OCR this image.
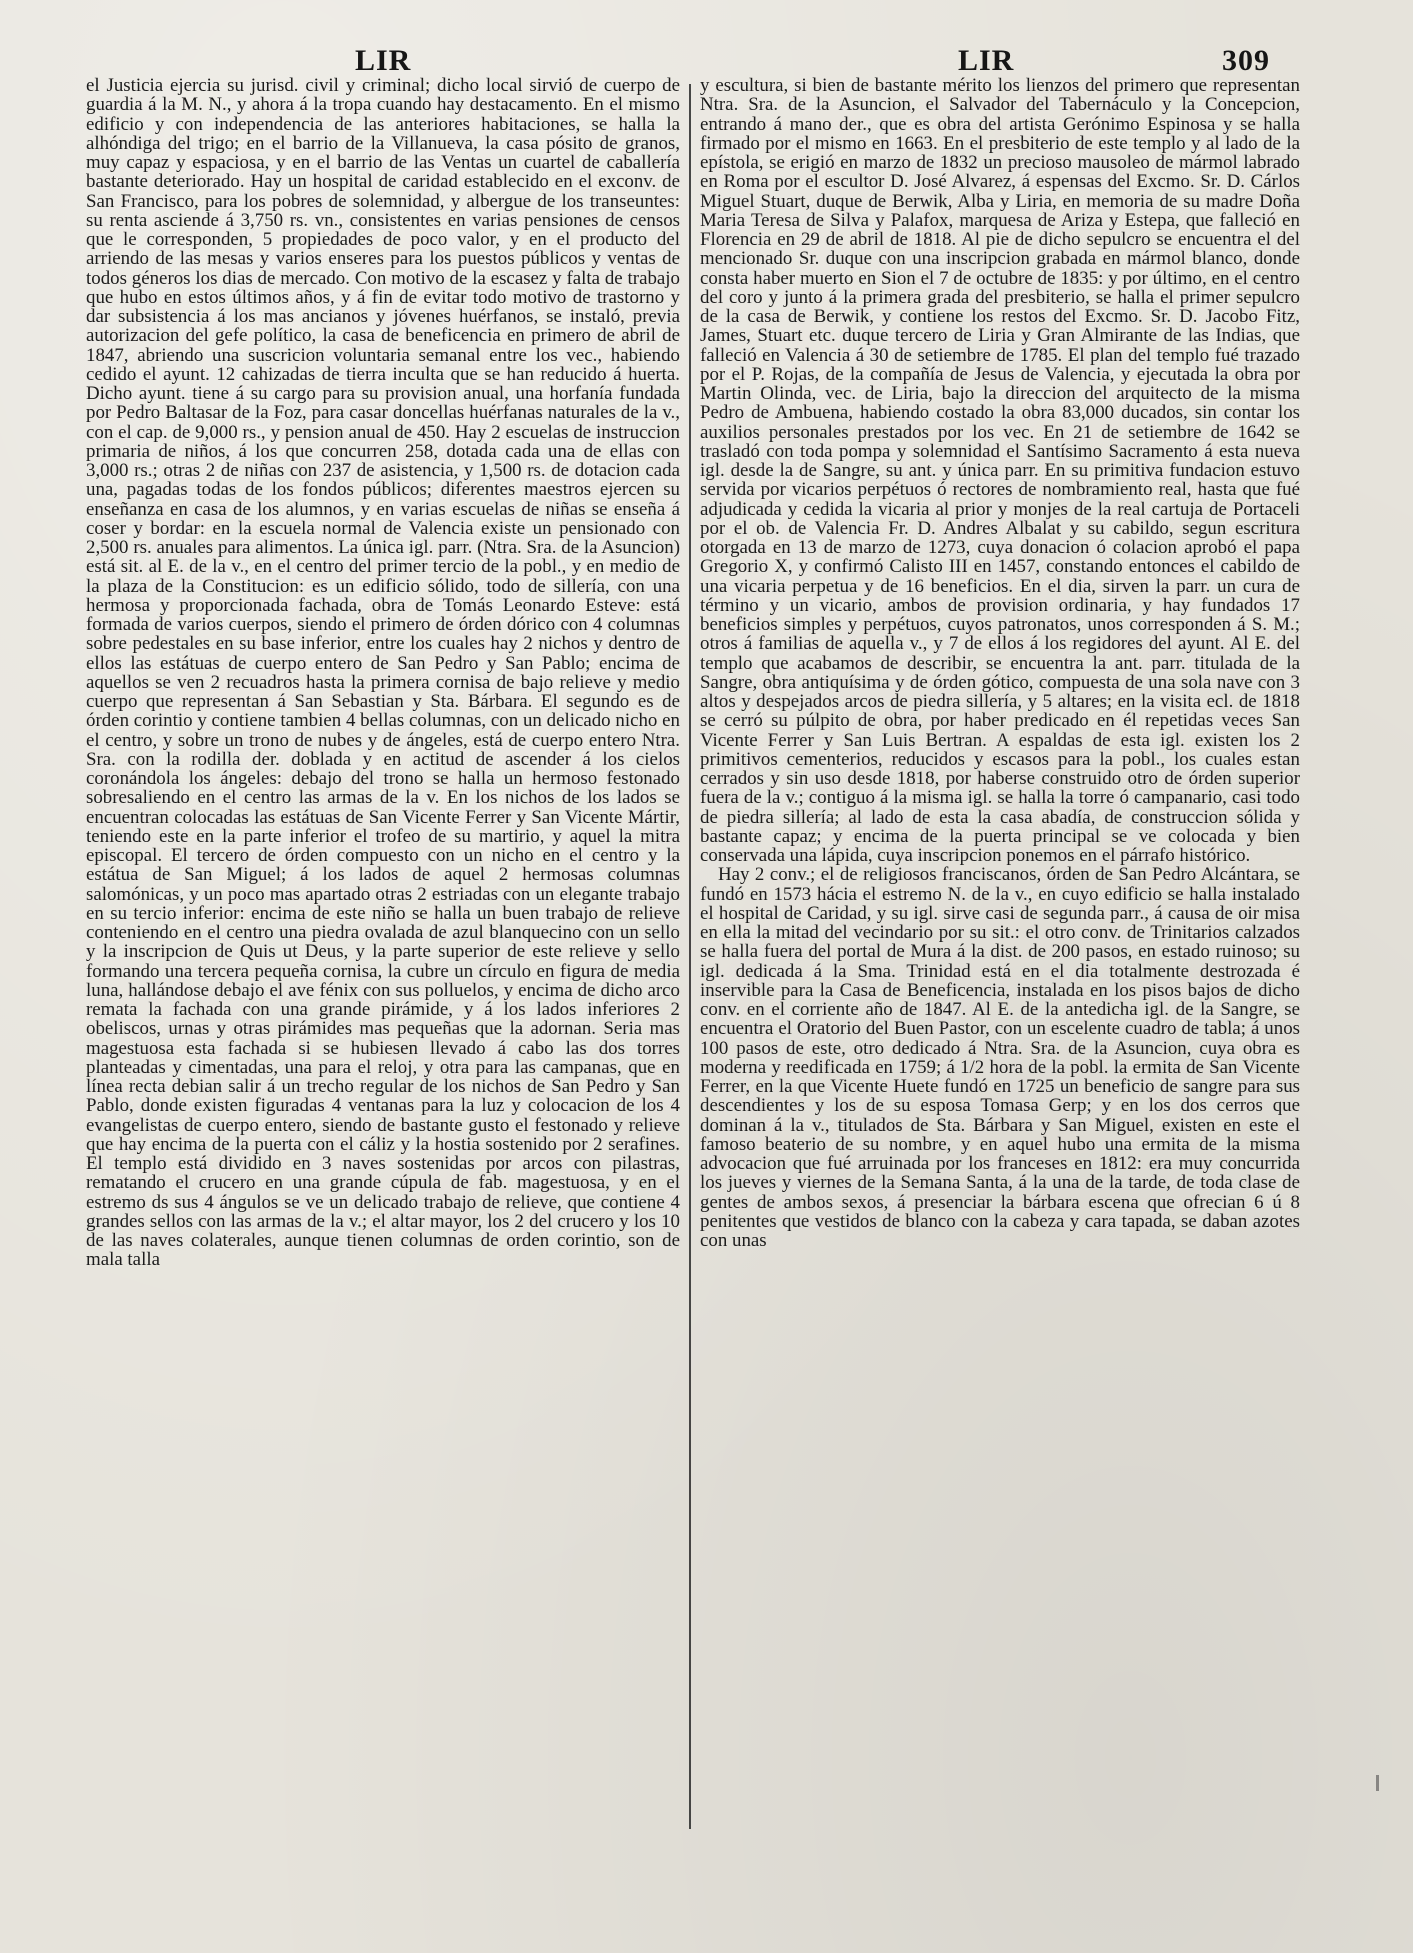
LIR	LIR	309

el Justicia ejercia su jurisd. civil y criminal; dicho local sirvió de cuerpo de guardia á la M. N., y ahora á la tropa cuando hay destacamento. En el mismo edificio y con independencia de las anteriores habitaciones, se halla la alhóndiga del trigo; en el barrio de la Villanueva, la casa pósito de granos, muy capaz y espaciosa, y en el barrio de las Ventas un cuartel de caballería bastante deteriorado. Hay un hospital de caridad establecido en el exconv. de San Francisco, para los pobres de solemnidad, y albergue de los transeuntes: su renta asciende á 3,750 rs. vn., consistentes en varias pensiones de censos que le corresponden, 5 propiedades de poco valor, y en el producto del arriendo de las mesas y varios enseres para los puestos públicos y ventas de todos géneros los dias de mercado. Con motivo de la escasez y falta de trabajo que hubo en estos últimos años, y á fin de evitar todo motivo de trastorno y dar subsistencia á los mas ancianos y jóvenes huérfanos, se instaló, previa autorizacion del gefe político, la casa de beneficencia en primero de abril de 1847, abriendo una suscricion voluntaria semanal entre los vec., habiendo cedido el ayunt. 12 cahizadas de tierra inculta que se han reducido á huerta. Dicho ayunt. tiene á su cargo para su provision anual, una horfanía fundada por Pedro Baltasar de la Foz, para casar doncellas huérfanas naturales de la v., con el cap. de 9,000 rs., y pension anual de 450. Hay 2 escuelas de instruccion primaria de niños, á los que concurren 258, dotada cada una de ellas con 3,000 rs.; otras 2 de niñas con 237 de asistencia, y 1,500 rs. de dotacion cada una, pagadas todas de los fondos públicos; diferentes maestros ejercen su enseñanza en casa de los alumnos, y en varias escuelas de niñas se enseña á coser y bordar: en la escuela normal de Valencia existe un pensionado con 2,500 rs. anuales para alimentos. La única igl. parr. (Ntra. Sra. de la Asuncion) está sit. al E. de la v., en el centro del primer tercio de la pobl., y en medio de la plaza de la Constitucion: es un edificio sólido, todo de sillería, con una hermosa y proporcionada fachada, obra de Tomás Leonardo Esteve: está formada de varios cuerpos, siendo el primero de órden dórico con 4 columnas sobre pedestales en su base inferior, entre los cuales hay 2 nichos y dentro de ellos las estátuas de cuerpo entero de San Pedro y San Pablo; encima de aquellos se ven 2 recuadros hasta la primera cornisa de bajo relieve y medio cuerpo que representan á San Sebastian y Sta. Bárbara. El segundo es de órden corintio y contiene tambien 4 bellas columnas, con un delicado nicho en el centro, y sobre un trono de nubes y de ángeles, está de cuerpo entero Ntra. Sra. con la rodilla der. doblada y en actitud de ascender á los cielos coronándola los ángeles: debajo del trono se halla un hermoso festonado sobresaliendo en el centro las armas de la v. En los nichos de los lados se encuentran colocadas las estátuas de San Vicente Ferrer y San Vicente Mártir, teniendo este en la parte inferior el trofeo de su martirio, y aquel la mitra episcopal. El tercero de órden compuesto con un nicho en el centro y la estátua de San Miguel; á los lados de aquel 2 hermosas columnas salomónicas, y un poco mas apartado otras 2 estriadas con un elegante trabajo en su tercio inferior: encima de este niño se halla un buen trabajo de relieve conteniendo en el centro una piedra ovalada de azul blanquecino con un sello y la inscripcion de Quis ut Deus, y la parte superior de este relieve y sello formando una tercera pequeña cornisa, la cubre un círculo en figura de media luna, hallándose debajo el ave fénix con sus polluelos, y encima de dicho arco remata la fachada con una grande pirámide, y á los lados inferiores 2 obeliscos, urnas y otras pirámides mas pequeñas que la adornan. Seria mas magestuosa esta fachada si se hubiesen llevado á cabo las dos torres planteadas y cimentadas, una para el reloj, y otra para las campanas, que en línea recta debian salir á un trecho regular de los nichos de San Pedro y San Pablo, donde existen figuradas 4 ventanas para la luz y colocacion de los 4 evangelistas de cuerpo entero, siendo de bastante gusto el festonado y relieve que hay encima de la puerta con el cáliz y la hostia sostenido por 2 serafines. El templo está dividido en 3 naves sostenidas por arcos con pilastras, rematando el crucero en una grande cúpula de fab. magestuosa, y en el estremo ds sus 4 ángulos se ve un delicado trabajo de relieve, que contiene 4 grandes sellos con las armas de la v.; el altar mayor, los 2 del crucero y los 10 de las naves colaterales, aunque tienen columnas de orden corintio, son de mala talla

y escultura, si bien de bastante mérito los lienzos del primero que representan Ntra. Sra. de la Asuncion, el Salvador del Tabernáculo y la Concepcion, entrando á mano der., que es obra del artista Gerónimo Espinosa y se halla firmado por el mismo en 1663. En el presbiterio de este templo y al lado de la epístola, se erigió en marzo de 1832 un precioso mausoleo de mármol labrado en Roma por el escultor D. José Alvarez, á espensas del Excmo. Sr. D. Cárlos Miguel Stuart, duque de Berwik, Alba y Liria, en memoria de su madre Doña Maria Teresa de Silva y Palafox, marquesa de Ariza y Estepa, que falleció en Florencia en 29 de abril de 1818. Al pie de dicho sepulcro se encuentra el del mencionado Sr. duque con una inscripcion grabada en mármol blanco, donde consta haber muerto en Sion el 7 de octubre de 1835: y por último, en el centro del coro y junto á la primera grada del presbiterio, se halla el primer sepulcro de la casa de Berwik, y contiene los restos del Excmo. Sr. D. Jacobo Fitz, James, Stuart etc. duque tercero de Liria y Gran Almirante de las Indias, que falleció en Valencia á 30 de setiembre de 1785. El plan del templo fué trazado por el P. Rojas, de la compañía de Jesus de Valencia, y ejecutada la obra por Martin Olinda, vec. de Liria, bajo la direccion del arquitecto de la misma Pedro de Ambuena, habiendo costado la obra 83,000 ducados, sin contar los auxilios personales prestados por los vec. En 21 de setiembre de 1642 se trasladó con toda pompa y solemnidad el Santísimo Sacramento á esta nueva igl. desde la de Sangre, su ant. y única parr. En su primitiva fundacion estuvo servida por vicarios perpétuos ó rectores de nombramiento real, hasta que fué adjudicada y cedida la vicaria al prior y monjes de la real cartuja de Portaceli por el ob. de Valencia Fr. D. Andres Albalat y su cabildo, segun escritura otorgada en 13 de marzo de 1273, cuya donacion ó colacion aprobó el papa Gregorio X, y confirmó Calisto III en 1457, constando entonces el cabildo de una vicaria perpetua y de 16 beneficios. En el dia, sirven la parr. un cura de término y un vicario, ambos de provision ordinaria, y hay fundados 17 beneficios simples y perpétuos, cuyos patronatos, unos corresponden á S. M.; otros á familias de aquella v., y 7 de ellos á los regidores del ayunt. Al E. del templo que acabamos de describir, se encuentra la ant. parr. titulada de la Sangre, obra antiquísima y de órden gótico, compuesta de una sola nave con 3 altos y despejados arcos de piedra sillería, y 5 altares; en la visita ecl. de 1818 se cerró su púlpito de obra, por haber predicado en él repetidas veces San Vicente Ferrer y San Luis Bertran. A espaldas de esta igl. existen los 2 primitivos cementerios, reducidos y escasos para la pobl., los cuales estan cerrados y sin uso desde 1818, por haberse construido otro de órden superior fuera de la v.; contiguo á la misma igl. se halla la torre ó campanario, casi todo de piedra sillería; al lado de esta la casa abadía, de construccion sólida y bastante capaz; y encima de la puerta principal se ve colocada y bien conservada una lápida, cuya inscripcion ponemos en el párrafo histórico.

Hay 2 conv.; el de religiosos franciscanos, órden de San Pedro Alcántara, se fundó en 1573 hácia el estremo N. de la v., en cuyo edificio se halla instalado el hospital de Caridad, y su igl. sirve casi de segunda parr., á causa de oir misa en ella la mitad del vecindario por su sit.: el otro conv. de Trinitarios calzados se halla fuera del portal de Mura á la dist. de 200 pasos, en estado ruinoso; su igl. dedicada á la Sma. Trinidad está en el dia totalmente destrozada é inservible para la Casa de Beneficencia, instalada en los pisos bajos de dicho conv. en el corriente año de 1847. Al E. de la antedicha igl. de la Sangre, se encuentra el Oratorio del Buen Pastor, con un escelente cuadro de tabla; á unos 100 pasos de este, otro dedicado á Ntra. Sra. de la Asuncion, cuya obra es moderna y reedificada en 1759; á 1/2 hora de la pobl. la ermita de San Vicente Ferrer, en la que Vicente Huete fundó en 1725 un beneficio de sangre para sus descendientes y los de su esposa Tomasa Gerp; y en los dos cerros que dominan á la v., titulados de Sta. Bárbara y San Miguel, existen en este el famoso beaterio de su nombre, y en aquel hubo una ermita de la misma advocacion que fué arruinada por los franceses en 1812: era muy concurrida los jueves y viernes de la Semana Santa, á la una de la tarde, de toda clase de gentes de ambos sexos, á presenciar la bárbara escena que ofrecian 6 ú 8 penitentes que vestidos de blanco con la cabeza y cara tapada, se daban azotes con unas
